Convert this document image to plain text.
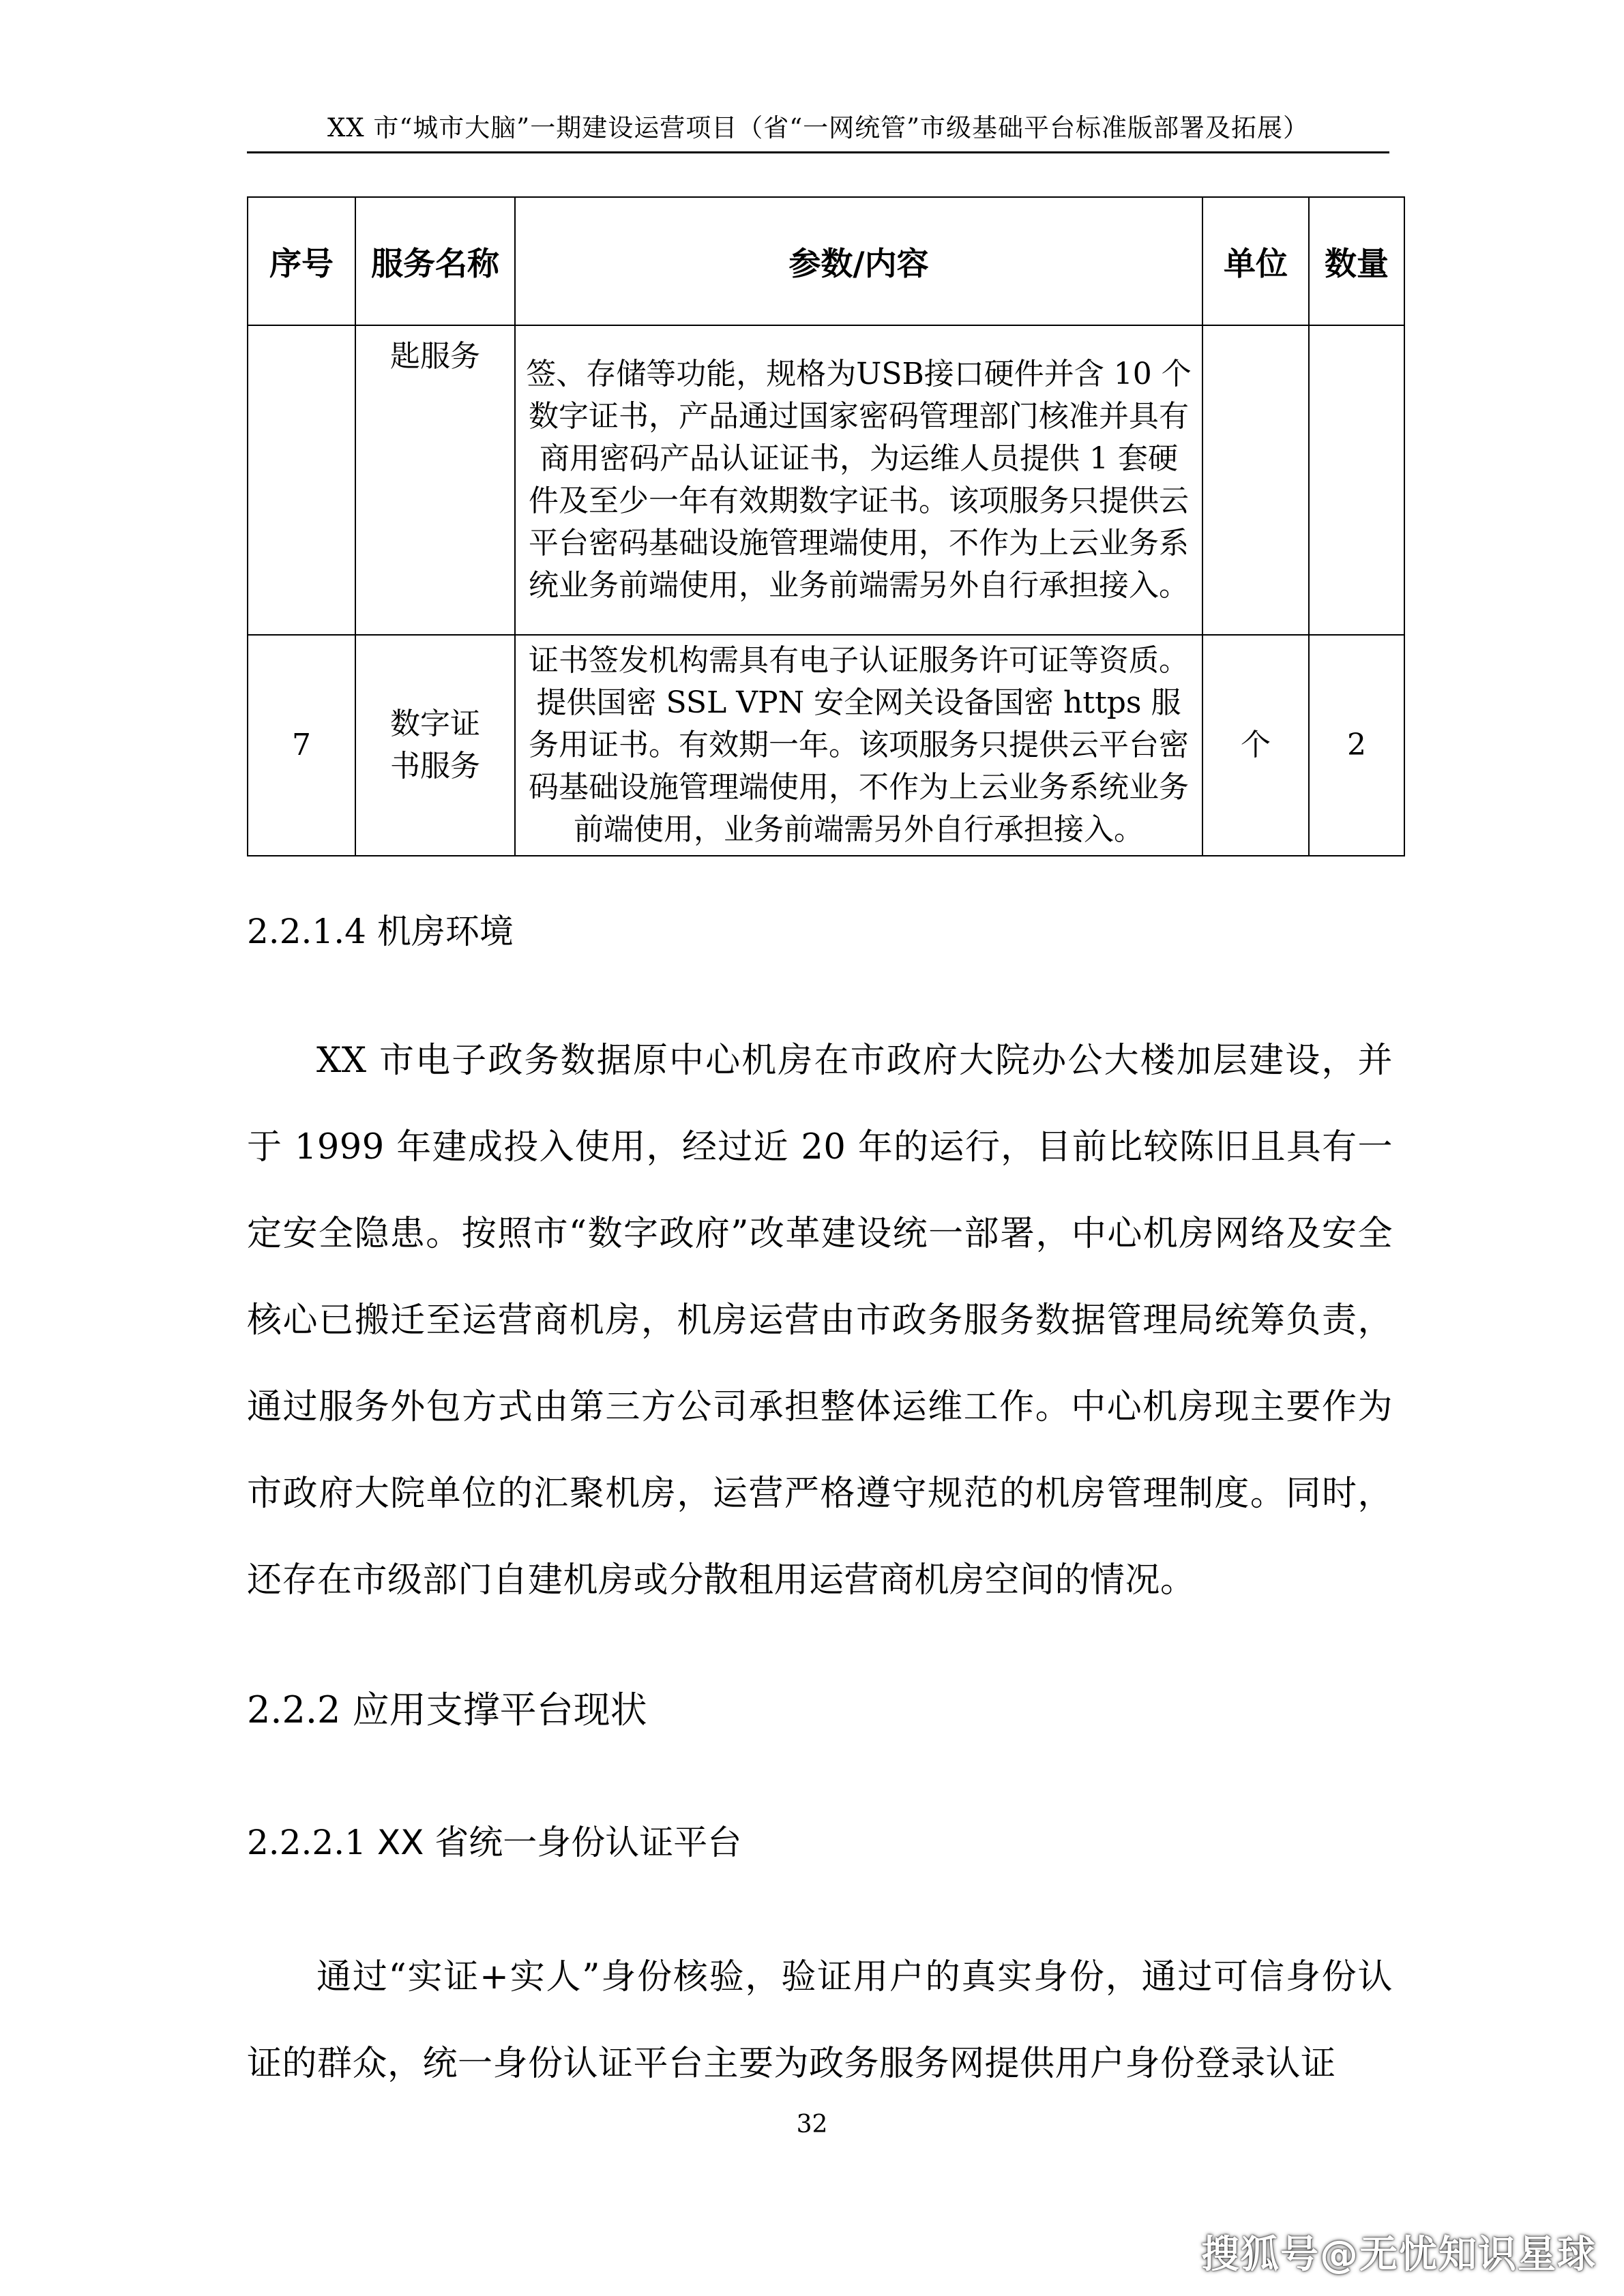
XX 市“城市大脑”一期建设运营项目（省“一网统管”市级基础平台标准版部署及拓展）
序号	服务名称	参数/内容	单位	数量
	匙服务	签、存储等功能，规格为USB接口硬件并含 10 个数字证书，产品通过国家密码管理部门核准并具有商用密码产品认证证书，为运维人员提供 1 套硬件及至少一年有效期数字证书。该项服务只提供云平台密码基础设施管理端使用，不作为上云业务系统业务前端使用，业务前端需另外自行承担接入。		

7	数字证书服务	证书签发机构需具有电子认证服务许可证等资质。提供国密 SSL VPN 安全网关设备国密 https 服务用证书。有效期一年。该项服务只提供云平台密码基础设施管理端使用，不作为上云业务系统业务前端使用，业务前端需另外自行承担接入。	个	2
2.2.1.4 机房环境
XX 市电子政务数据原中心机房在市政府大院办公大楼加层建设，并于 1999 年建成投入使用，经过近 20 年的运行，目前比较陈旧且具有一定安全隐患。按照市“数字政府”改革建设统一部署，中心机房网络及安全核心已搬迁至运营商机房，机房运营由市政务服务数据管理局统筹负责，通过服务外包方式由第三方公司承担整体运维工作。中心机房现主要作为市政府大院单位的汇聚机房，运营严格遵守规范的机房管理制度。同时，还存在市级部门自建机房或分散租用运营商机房空间的情况。
2.2.2 应用支撑平台现状
2.2.2.1 XX 省统一身份认证平台
通过“实证+实人”身份核验，验证用户的真实身份，通过可信身份认证的群众，统一身份认证平台主要为政务服务网提供用户身份登录认证
32
搜狐号@无忧知识星球
